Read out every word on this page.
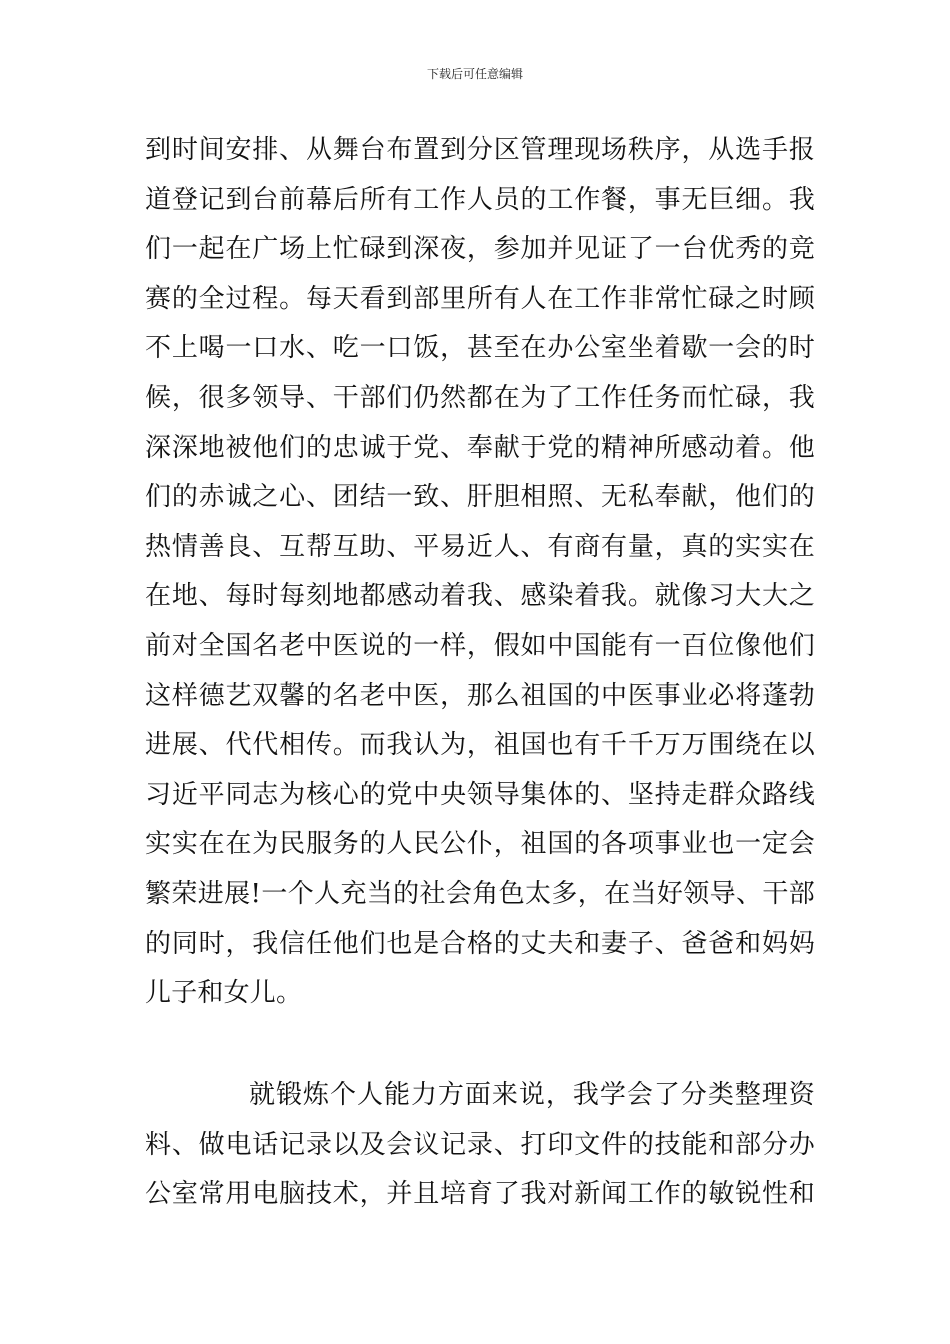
下载后可任意编辑
到时间安排、从舞台布置到分区管理现场秩序，从选手报
道登记到台前幕后所有工作人员的工作餐，事无巨细。我
们一起在广场上忙碌到深夜，参加并见证了一台优秀的竞
赛的全过程。每天看到部里所有人在工作非常忙碌之时顾
不上喝一口水、吃一口饭，甚至在办公室坐着歇一会的时
候，很多领导、干部们仍然都在为了工作任务而忙碌，我
深深地被他们的忠诚于党、奉献于党的精神所感动着。他
们的赤诚之心、团结一致、肝胆相照、无私奉献，他们的
热情善良、互帮互助、平易近人、有商有量，真的实实在
在地、每时每刻地都感动着我、感染着我。就像习大大之
前对全国名老中医说的一样，假如中国能有一百位像他们
这样德艺双馨的名老中医，那么祖国的中医事业必将蓬勃
进展、代代相传。而我认为，祖国也有千千万万围绕在以
习近平同志为核心的党中央领导集体的、坚持走群众路线
实实在在为民服务的人民公仆，祖国的各项事业也一定会
繁荣进展!一个人充当的社会角色太多，在当好领导、干部
的同时，我信任他们也是合格的丈夫和妻子、爸爸和妈妈
儿子和女儿。
就锻炼个人能力方面来说，我学会了分类整理资
料、做电话记录以及会议记录、打印文件的技能和部分办
公室常用电脑技术，并且培育了我对新闻工作的敏锐性和
